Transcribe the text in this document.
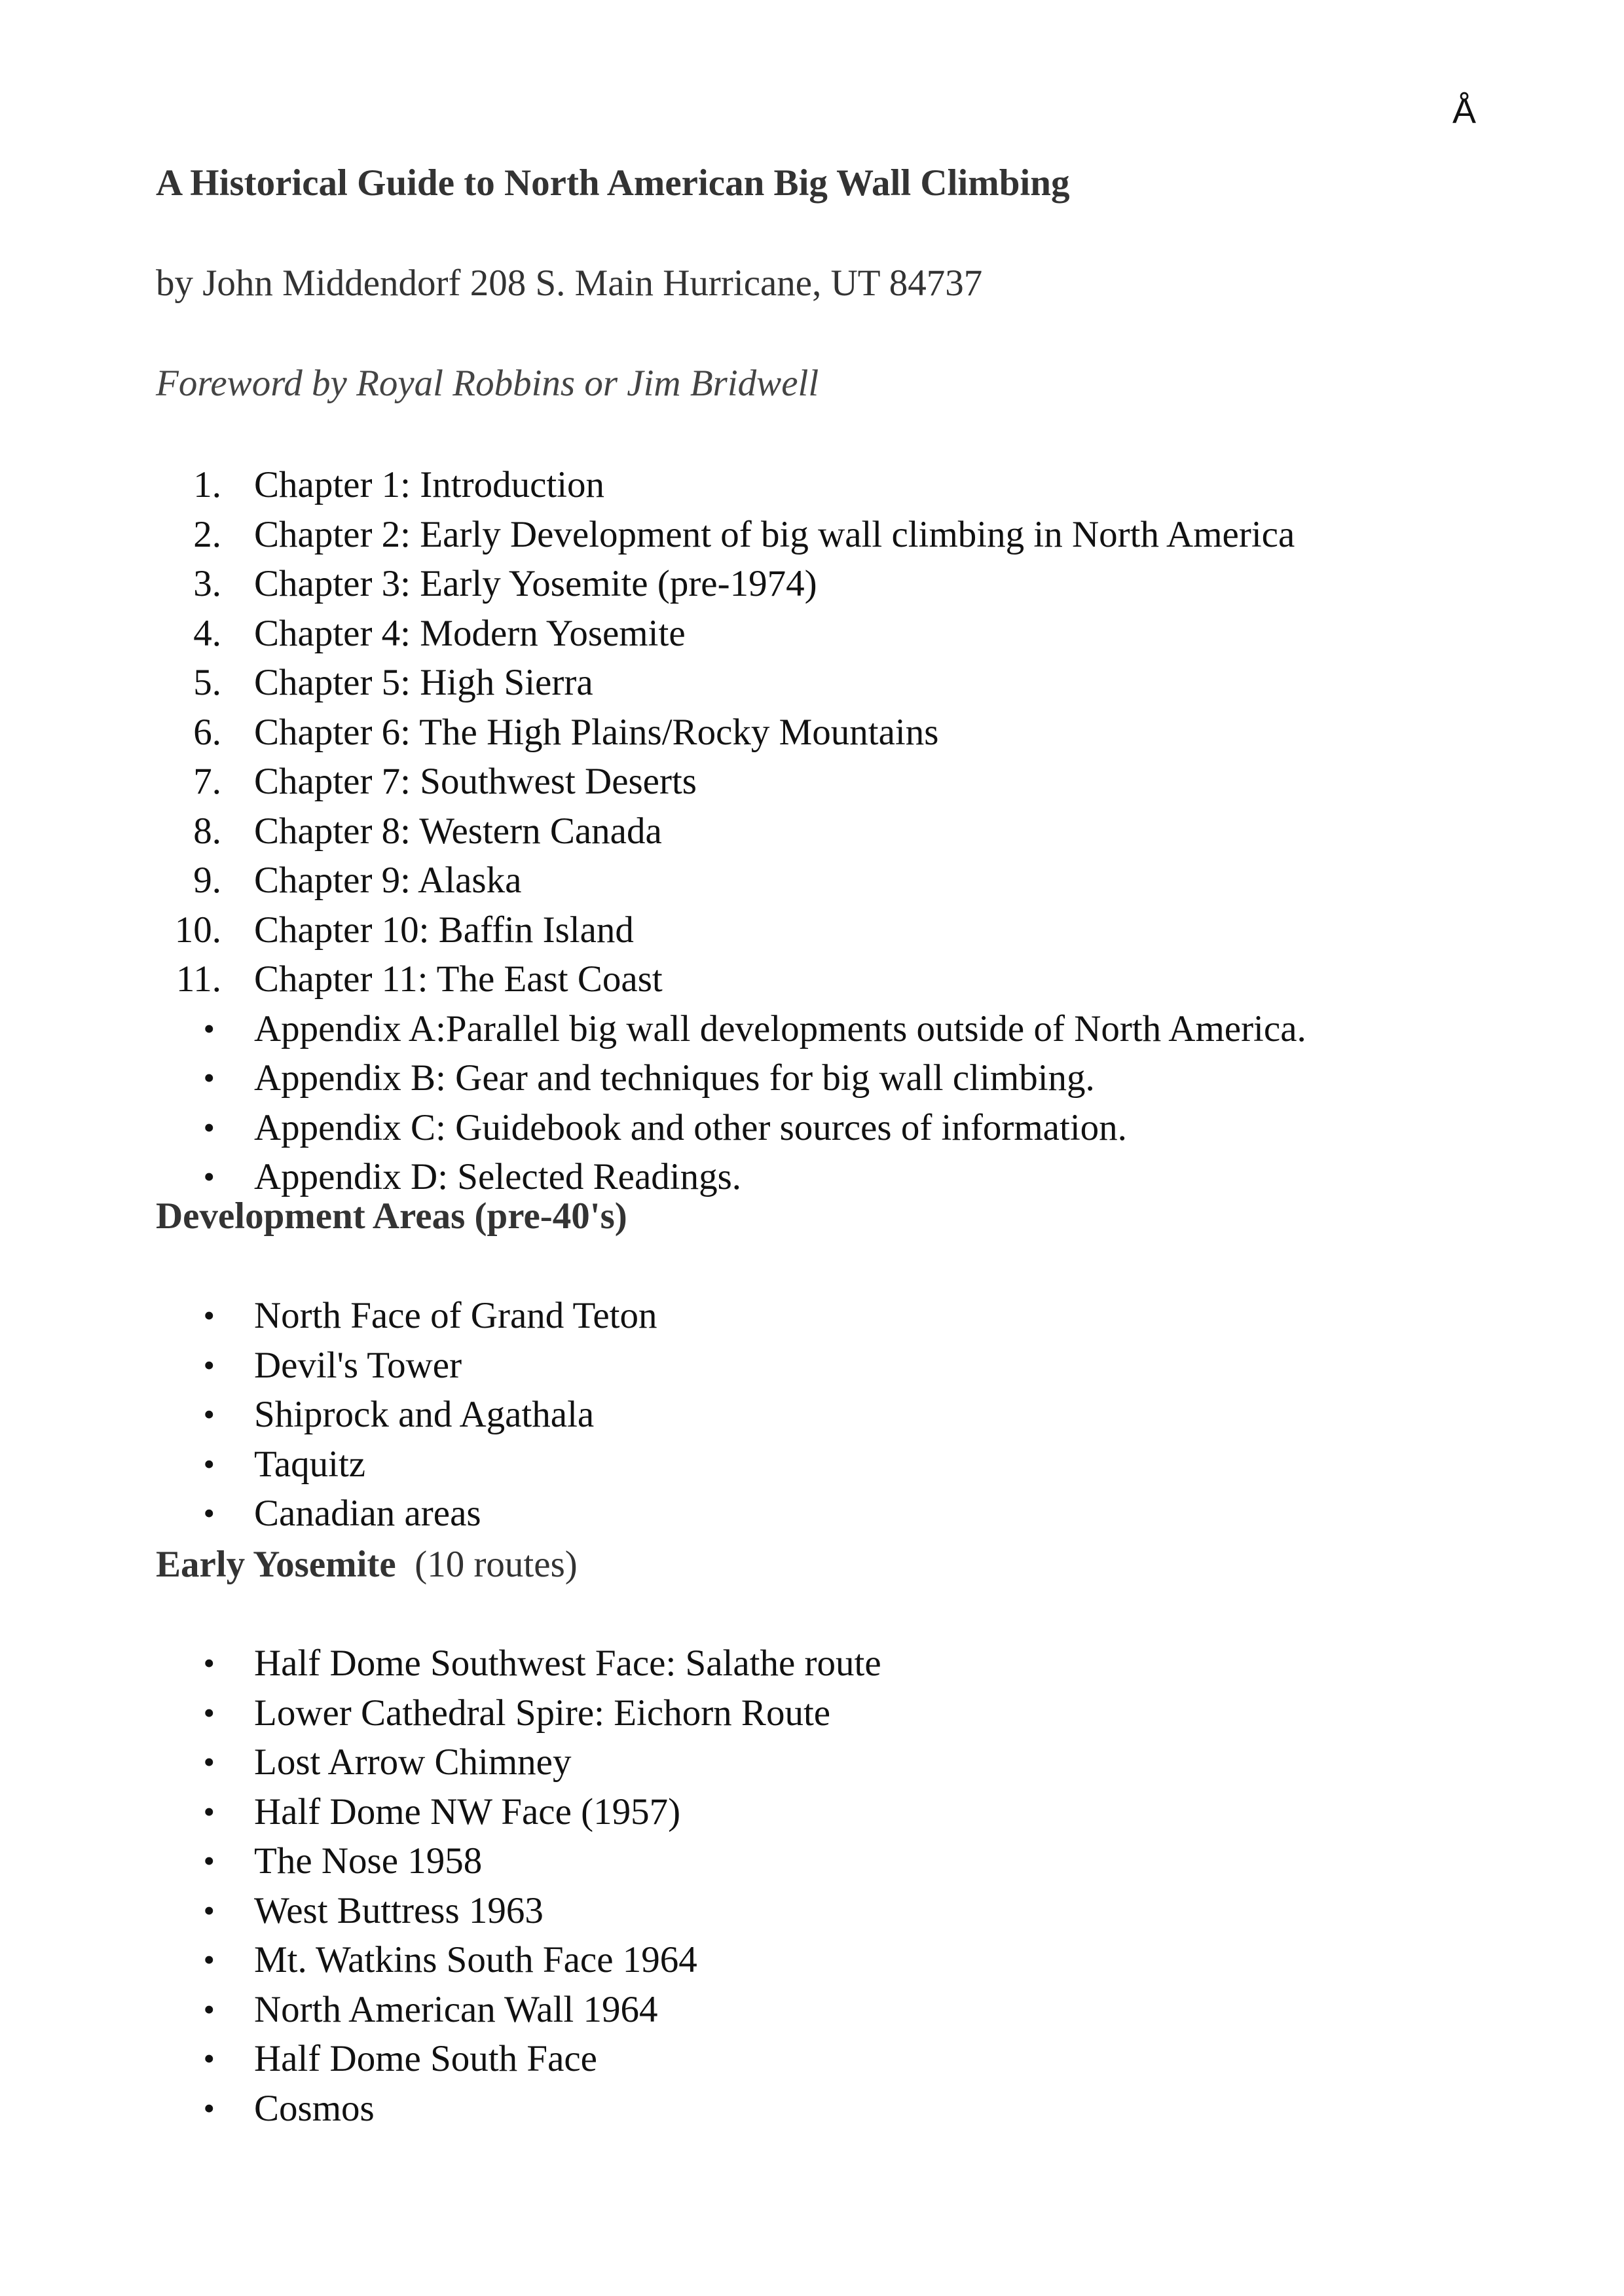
Å

A Historical Guide to North American Big Wall Climbing

by John Middendorf 208 S. Main Hurricane, UT 84737

Foreword by Royal Robbins or Jim Bridwell

1. Chapter 1: Introduction
2. Chapter 2: Early Development of big wall climbing in North America
3. Chapter 3: Early Yosemite (pre-1974)
4. Chapter 4: Modern Yosemite
5. Chapter 5: High Sierra
6. Chapter 6: The High Plains/Rocky Mountains
7. Chapter 7: Southwest Deserts
8. Chapter 8: Western Canada
9. Chapter 9: Alaska
10. Chapter 10: Baffin Island
11. Chapter 11: The East Coast
• Appendix A:Parallel big wall developments outside of North America.
• Appendix B: Gear and techniques for big wall climbing.
• Appendix C: Guidebook and other sources of information.
• Appendix D: Selected Readings.

Development Areas (pre-40's)

• North Face of Grand Teton
• Devil's Tower
• Shiprock and Agathala
• Taquitz
• Canadian areas

Early Yosemite (10 routes)

• Half Dome Southwest Face: Salathe route
• Lower Cathedral Spire: Eichorn Route
• Lost Arrow Chimney
• Half Dome NW Face (1957)
• The Nose 1958
• West Buttress 1963
• Mt. Watkins South Face 1964
• North American Wall 1964
• Half Dome South Face
• Cosmos
